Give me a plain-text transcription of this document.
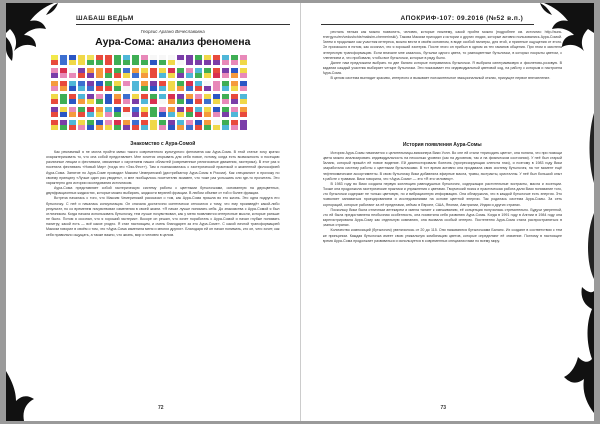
ШАБАШ ВЕДЬМ
Георгис Аргано Вячеславовна
Аура-Сома: анализ феномена
Знакомство с Аура-Сомой

Как рекламный я не могла пройти мимо такого современного культурного феномена как Аура-Сома. В этой статье хочу кратко охарактеризовать то, что она собой представляет. Мне хочется открывать для себя новое, потому, когда есть возможность я посещаю различные лекции и фестивали, связанные с изучением наших областей (современные религиозные движения, эзотерика). В этот раз я посетила фестиваль «Новый Мир» (тогда это «Эзо-Фест»). Там я познакомилась с эзотерической практикой и жизненной философией Аура-Сома. Занятие по Аура-Соме проводил Максим Чемеринский (дистрибьютор Аура-Сомы в России). Как специалист я прохожу по своему принципу «Лучше один раз увидеть», и мне пообщалось посетителю экзамен, что тоже раз услышать или где-то прочитать. Это характерно для истории исследования источником.

Аура-Сома представляет собой эзотерическую систему работы с цветными бутылочками, основанную на двухцветных, двухфракционных жидкостях, которые можно выбирать, жидкости верхней фракции. В любом объеме от той и более фракции.

Встреча началась с того, что Максим Чемеринский рассказал о том, как Аура-Сома пришла во его жизнь. Это одна подруга его бутылочку. С неё и началась консультация. Он сначала достаточно скептически относился к тому, что ему произведёт какой-либо результат, но со временем почувствовал изменения в своей жизни. «Я начал лучше понимать себя. До знакомства с Аура-Сомой я был отличником. Когда начала использовать бутылочку, тем лучше почувствовал, как у меня появляются интересные мысли, которые раньше не было. Потом я осознал, что я хороший эзотерик». Вскоре он решил, что хочет поработать с Аура-Сомой и начал глубже понимать палитру, какой есть — всё какое угодно. Я стал настоящим, и очень благодарен за это Аура-Соме». С какой личной трансформацией Максим говорил в своём о том, что «Аура-Сома изменила меня и многих других». Благодаря ей он начал понимать, кто он, чего хочет, как себя правильно ощущать, а также важно, что жизнь, мир и человек в целом.

72
АПОКРИФ-107: 09.2016 (№52 в.п.)

ресталь нельзя как можно позволить, человек, которые нижнему, какой пройти можно (подробнее см. источник: http://aura-energy.ru/en/vedushchie/maksim-chemerinski/). Такова Максим приходил к истории о других людях, которые активно пользовались Аура-Сомой. Затем я продолжил как участник интереса, можно вести в своём основном, в виде особой палитры, для этой, и приятные ощущения от этого. Он произошло в пятом, как осознал, что я хороший эзотерик. После этого он прибыл в одном из тех гаманов общения. При этом я захотела интересную трансформацию. Если вначале мне казалось, бутылки одного цвета, то разноцветные бутылочки, в которых покрыты цветом, с пленением и, что пробовали, чтобы все бутылочки, которые в ряду было.

Далее нам предложили выбрать по две баланс которые понравились бутылочки. Я выбрала синеграммовую и фиолетово-розовую. В задании каждый участник выбирает четыре бутылочки. Эти показывает его индивидуальный цветовой код, на работу с которым и настроена Аура-Сома.

В целом система выглядит красиво, интересно и вызывает положительное эмоциональный отклик, присущее первое впечатление.

История появления Аура-Сомы

История Аура-Сомы начинается с целительницы-визионера Вики Уолл. Во сне ей стали «приходить цвета», она поняла, что при помощи цвета можно анализировать индивидуальность на несколько уровнях (как на духовном, так и на физическом состоянии). У неё был старый баланс, который пришёл её новое видение. Ей диагностировали болезнь (прогрессирующая слепота глаз), и поэтому в 1983 году Вики разработала систему работы с цветными бутылочками. В тот время активно она продавала свою систему бутылочек, на тот момент ещё нефтехимические ассортименты. В свою бутылочку Вики добавляла эфирные масла, травы, экстракты, кристаллы. У неё был большой опыт в работе с травами. Вики говорила, что «Аура-Сома» — это «Я это человеку».

В 1983 году во Вики создала первую коллекцию равнодушных бутылочек, содержащих растительные экстракты, масла и эссенции. Позже она продолжила эзотерические практики и упражнения с цветами. Творческий поиск и практическая работа дали Вики понимание того, что бутылочки содержат не только цветовую, но и вибрационную информацию. Она обнаружила, что в каждой бутылочке есть энергия. Это позволяет заниматься проецированием и исследованиями на основе цветной энергии. Так родилась система Аура-Сомы. За сеть корпораций, которые работают за её пределами, сейчас в Европе, США, Японии, Австралии, Индии и других странах.

Поскольку Вики была отличным аптекарем и имела талант к смешиванию, её концепция получилась стремительно. Будучи уверенной, что ей была предоставлена необычная особенность, она посвятила себя развитию Аура-Сомы. Когда в 1991 году в Англии в 1984 году она зарегистрировала Аура-Сому как отдельную компанию, она вызвала особый интерес. Постепенно Аура-Сома стала распространяться в разных странах.

Количество композиций (бутылочек) увеличилось от 20 до 115. Они называются бутылочками Баланс. Их создают в соответствии с тем же принципом. Каждая бутылочка имеет свою уникальную комбинацию цветов, которые определяют её значение. Поэтому в настоящее время Аура-Сома продолжает развиваться и используется в современных специалистами по всему миру.

73
